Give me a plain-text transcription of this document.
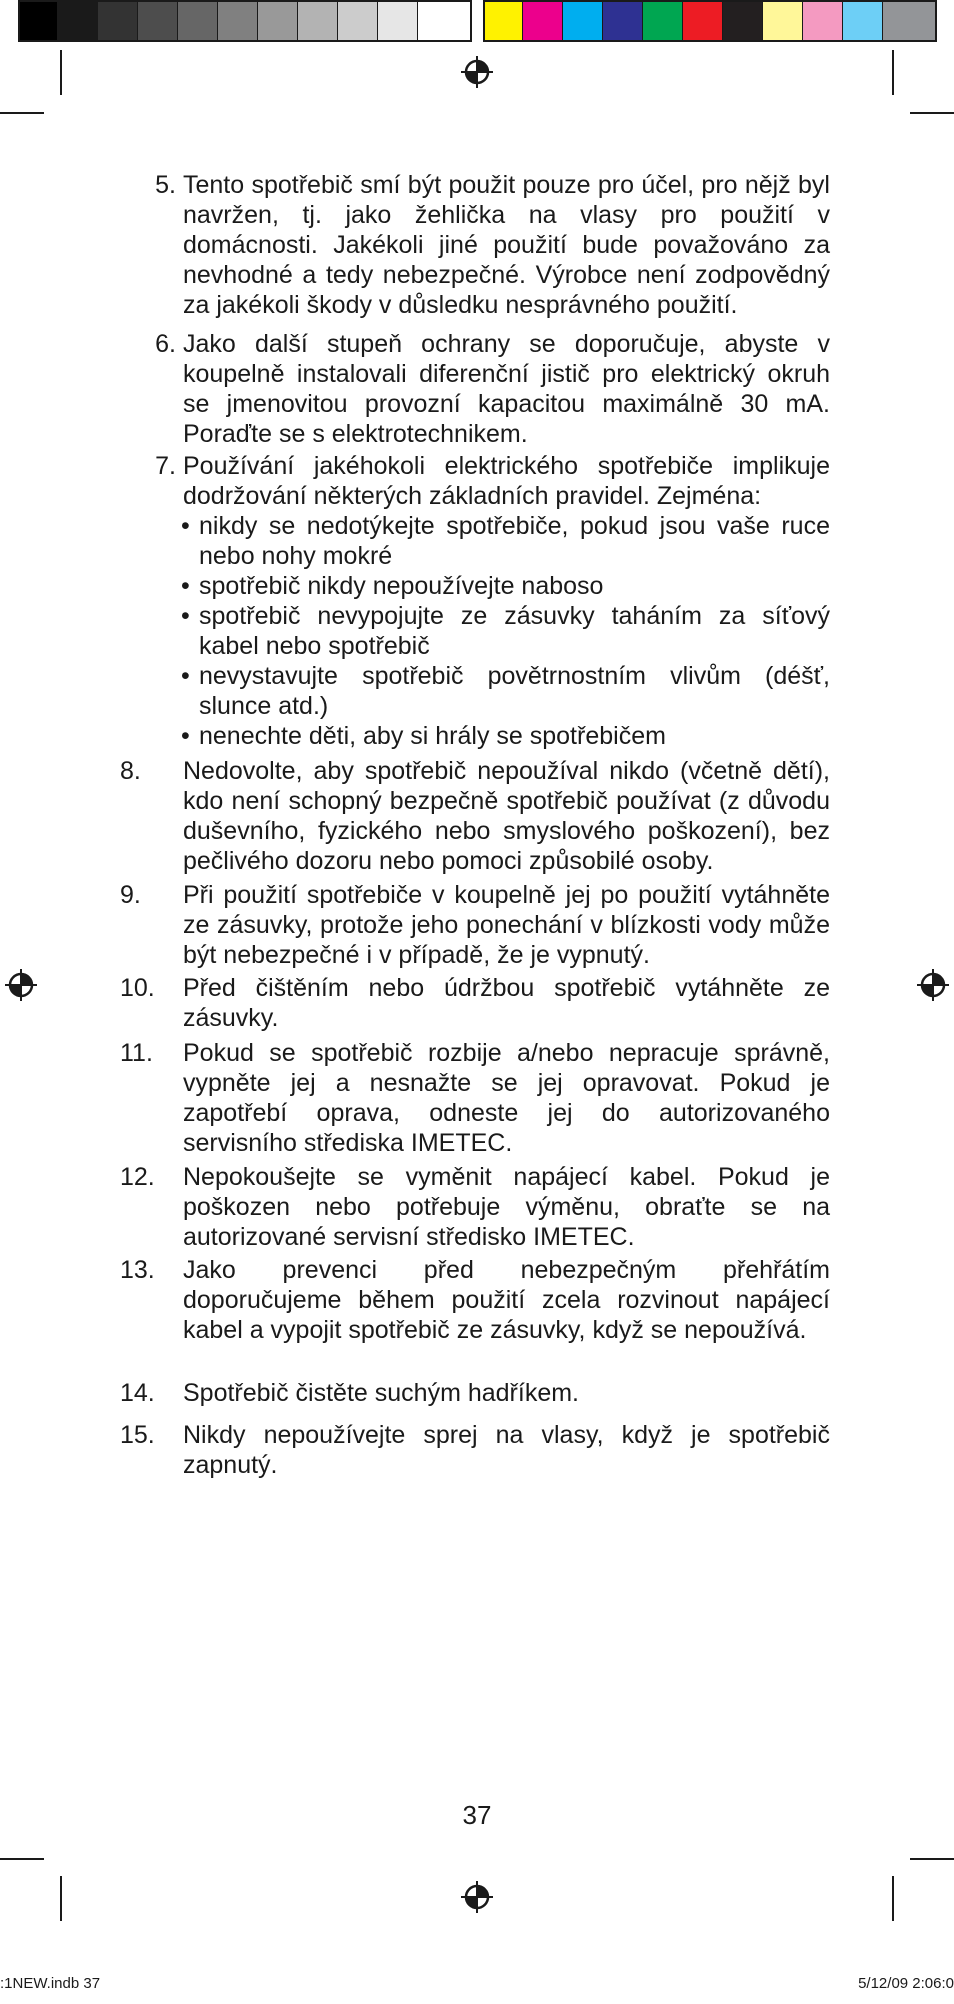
5. Tento spotřebič smí být použit pouze pro účel, pro nějž byl navržen, tj. jako žehlička na vlasy pro použití v domácnosti. Jakékoli jiné použití bude považováno za nevhodné a tedy nebezpečné. Výrobce není zodpovědný za jakékoli škody v důsledku nesprávného použití.
6. Jako další stupeň ochrany se doporučuje, abyste v koupelně instalovali diferenční jistič pro elektrický okruh se jmenovitou provozní kapacitou maximálně 30 mA. Poraďte se s elektrotechnikem.
7. Používání jakéhokoli elektrického spotřebiče implikuje dodržování některých základních pravidel. Zejména:
• nikdy se nedotýkejte spotřebiče, pokud jsou vaše ruce nebo nohy mokré
• spotřebič nikdy nepoužívejte naboso
• spotřebič nevypojujte ze zásuvky taháním za síťový kabel nebo spotřebič
• nevystavujte spotřebič povětrnostním vlivům (déšť, slunce atd.)
• nenechte děti, aby si hrály se spotřebičem
8. Nedovolte, aby spotřebič nepoužíval nikdo (včetně dětí), kdo není schopný bezpečně spotřebič používat (z důvodu duševního, fyzického nebo smyslového poškození), bez pečlivého dozoru nebo pomoci způsobilé osoby.
9. Při použití spotřebiče v koupelně jej po použití vytáhněte ze zásuvky, protože jeho ponechání v blízkosti vody může být nebezpečné i v případě, že je vypnutý.
10. Před čištěním nebo údržbou spotřebič vytáhněte ze zásuvky.
11. Pokud se spotřebič rozbije a/nebo nepracuje správně, vypněte jej a nesnažte se jej opravovat. Pokud je zapotřebí oprava, odneste jej do autorizovaného servisního střediska IMETEC.
12. Nepokoušejte se vyměnit napájecí kabel. Pokud je poškozen nebo potřebuje výměnu, obraťte se na autorizované servisní středisko IMETEC.
13. Jako prevenci před nebezpečným přehřátím doporučujeme během použití zcela rozvinout napájecí kabel a vypojit spotřebič ze zásuvky, když se nepoužívá.
14. Spotřebič čistěte suchým hadříkem.
15. Nikdy nepoužívejte sprej na vlasy, když je spotřebič zapnutý.
37
:1NEW.indb 37	5/12/09 2:06:0
